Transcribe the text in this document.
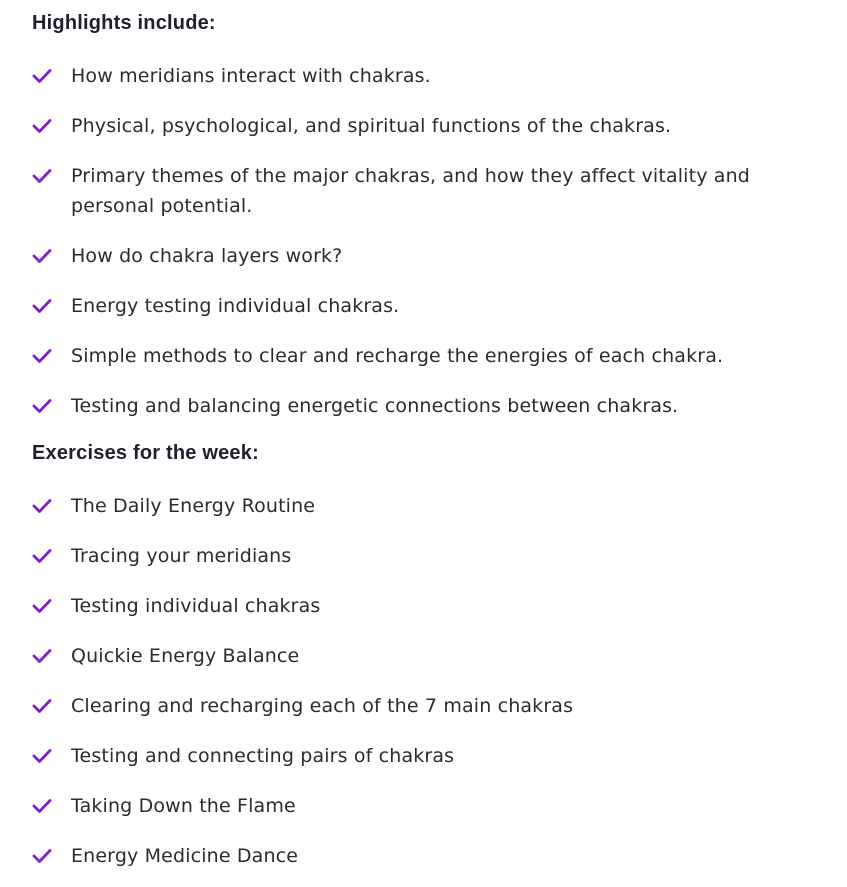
Highlights include:
How meridians interact with chakras.
Physical, psychological, and spiritual functions of the chakras.
Primary themes of the major chakras, and how they affect vitality and personal potential.
How do chakra layers work?
Energy testing individual chakras.
Simple methods to clear and recharge the energies of each chakra.
Testing and balancing energetic connections between chakras.
Exercises for the week:
The Daily Energy Routine
Tracing your meridians
Testing individual chakras
Quickie Energy Balance
Clearing and recharging each of the 7 main chakras
Testing and connecting pairs of chakras
Taking Down the Flame
Energy Medicine Dance
